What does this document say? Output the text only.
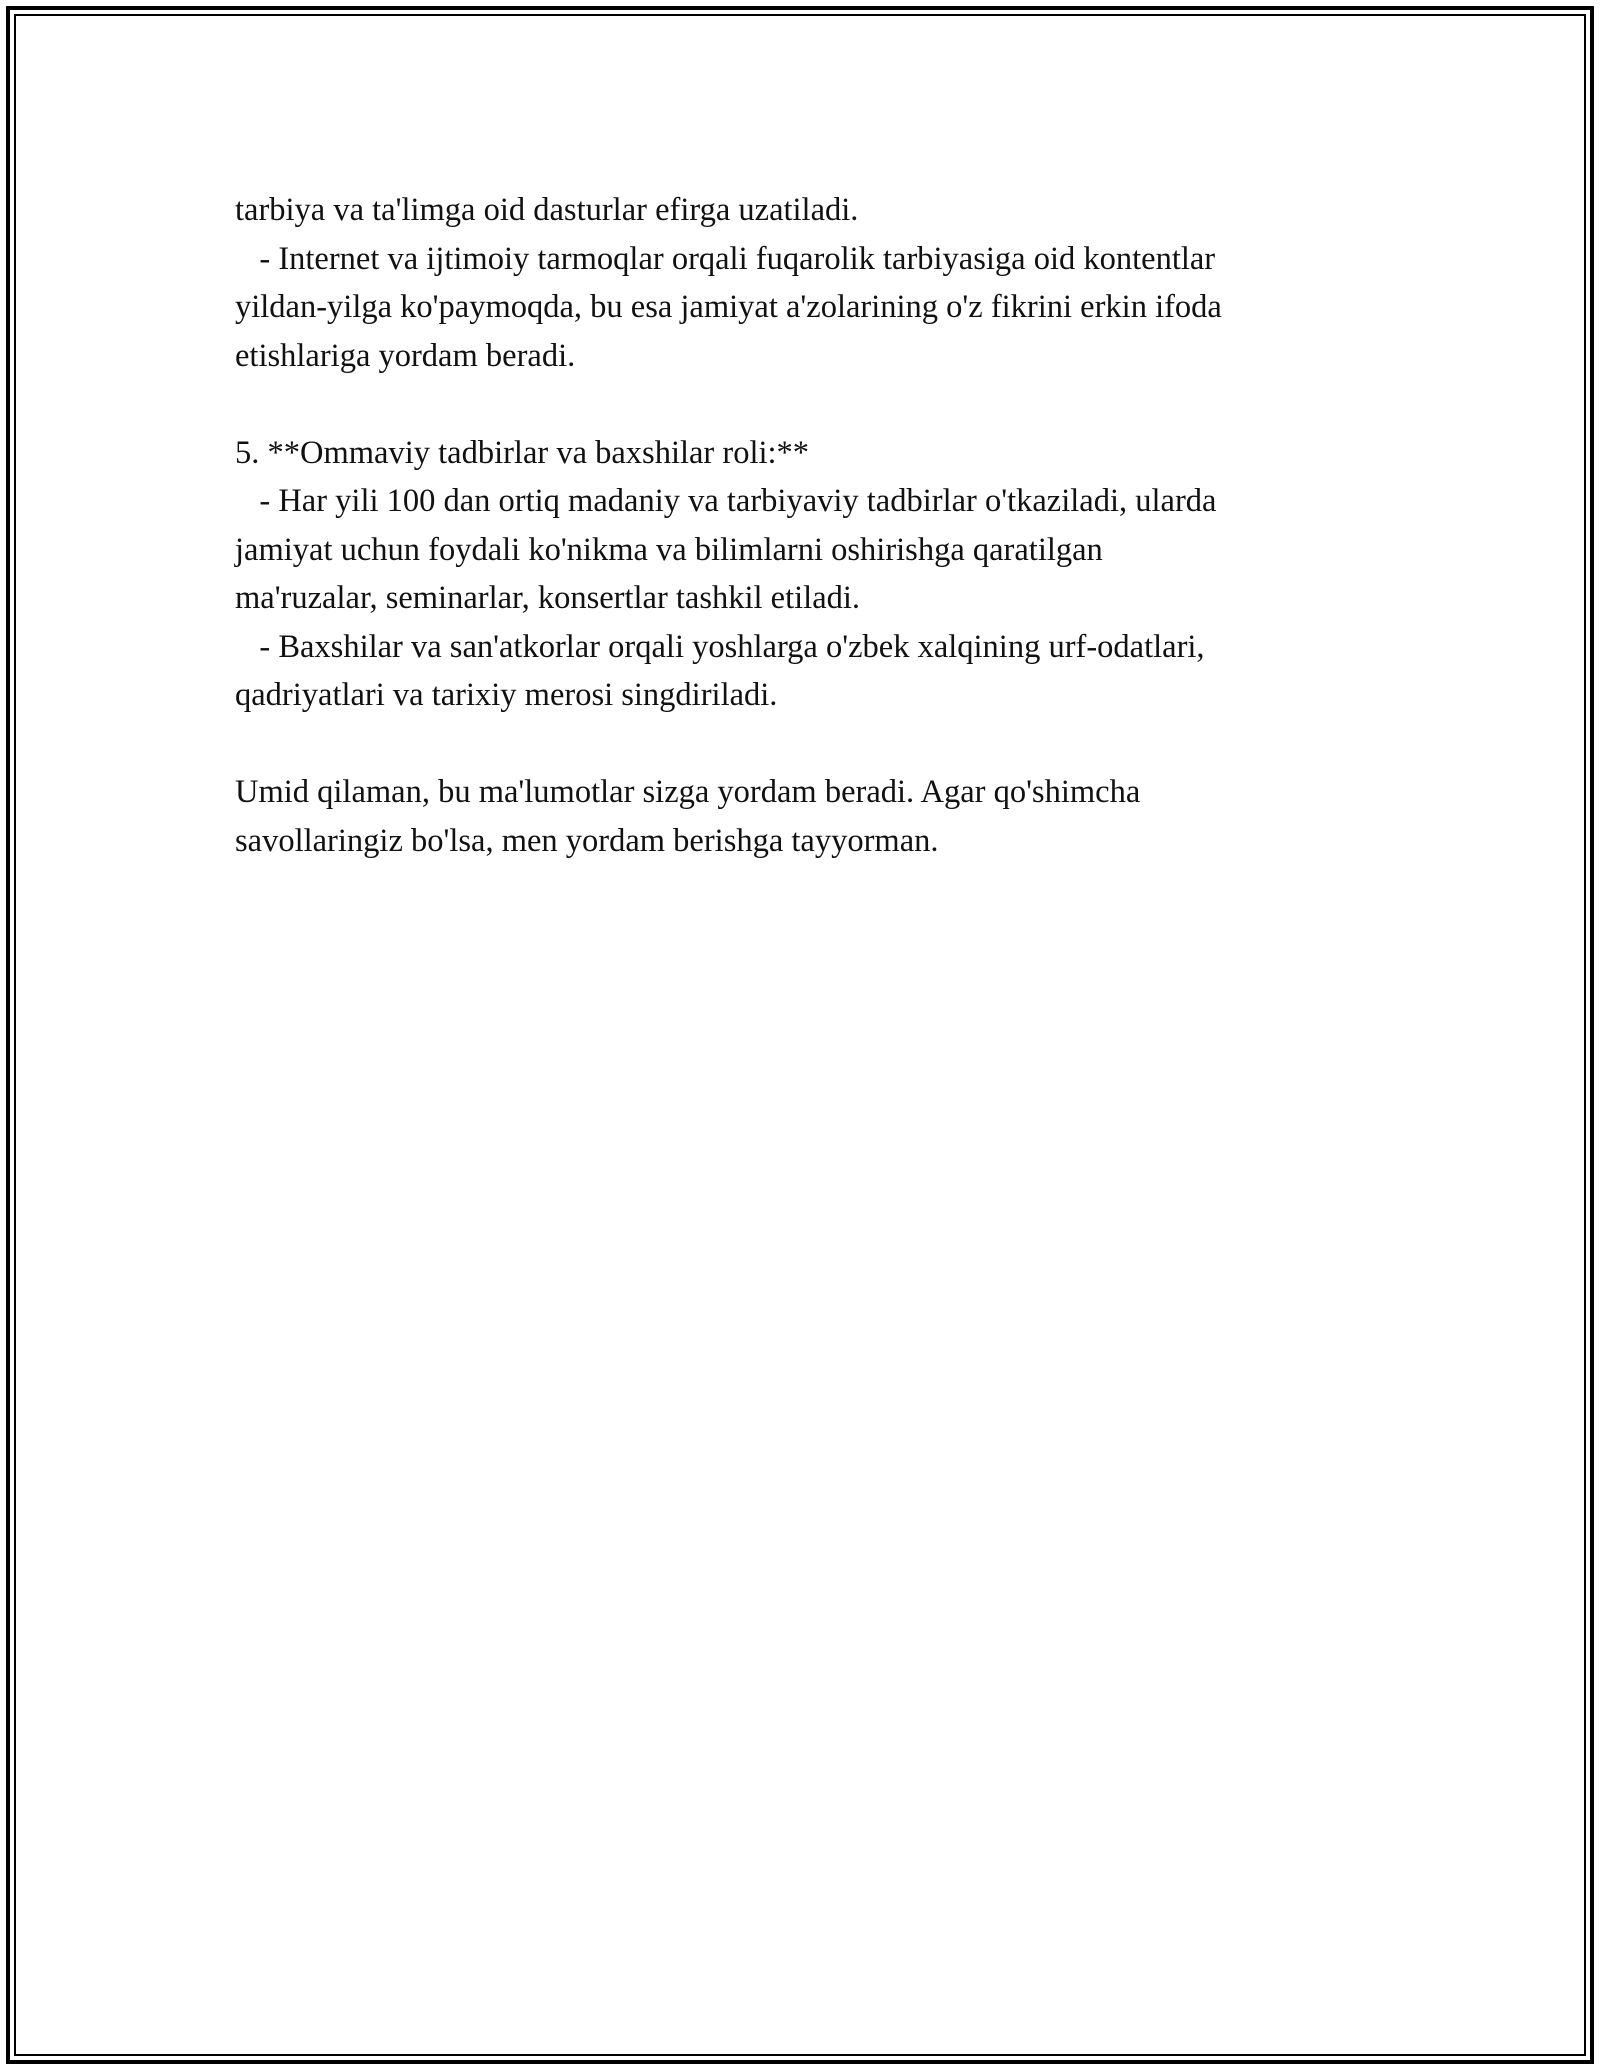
tarbiya va ta'limga oid dasturlar efirga uzatiladi.
- Internet va ijtimoiy tarmoqlar orqali fuqarolik tarbiyasiga oid kontentlar
yildan-yilga ko'paymoqda, bu esa jamiyat a'zolarining o'z fikrini erkin ifoda
etishlariga yordam beradi.
5. **Ommaviy tadbirlar va baxshilar roli:**
- Har yili 100 dan ortiq madaniy va tarbiyaviy tadbirlar o'tkaziladi, ularda
jamiyat uchun foydali ko'nikma va bilimlarni oshirishga qaratilgan
ma'ruzalar, seminarlar, konsertlar tashkil etiladi.
- Baxshilar va san'atkorlar orqali yoshlarga o'zbek xalqining urf-odatlari,
qadriyatlari va tarixiy merosi singdiriladi.
Umid qilaman, bu ma'lumotlar sizga yordam beradi. Agar qo'shimcha
savollaringiz bo'lsa, men yordam berishga tayyorman.
